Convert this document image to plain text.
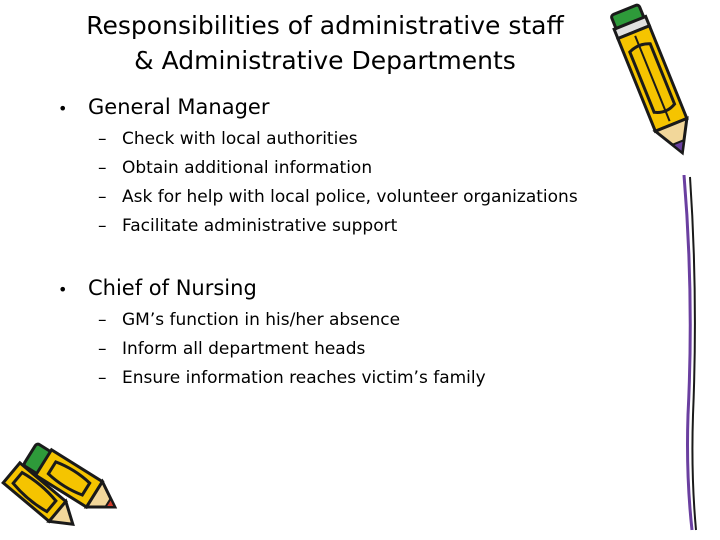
Responsibilities of administrative staff
& Administrative Departments
• General Manager
– Check with local authorities
– Obtain additional information
– Ask for help with local police, volunteer organizations
– Facilitate administrative support
• Chief of Nursing
– GM’s function in his/her absence
– Inform all department heads
– Ensure information reaches victim’s family
